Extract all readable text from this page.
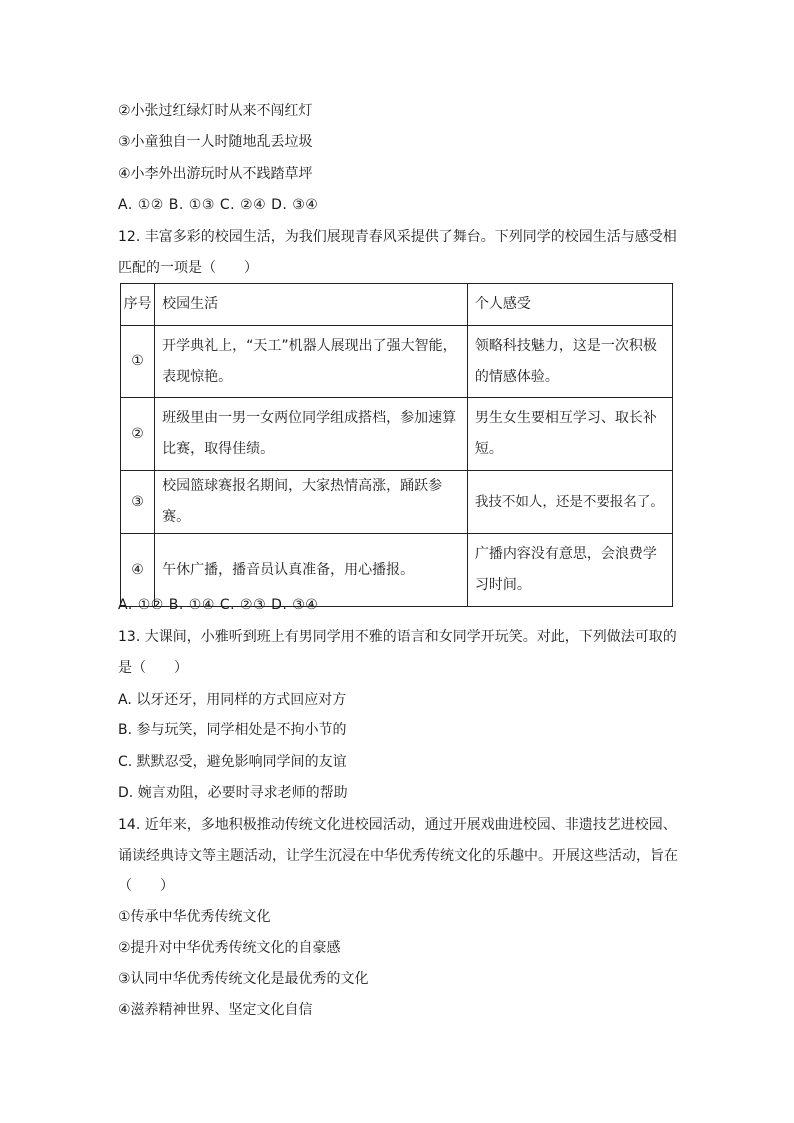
②小张过红绿灯时从来不闯红灯
③小童独自一人时随地乱丢垃圾
④小李外出游玩时从不践踏草坪
A. ①② B. ①③ C. ②④ D. ③④
12. 丰富多彩的校园生活，为我们展现青春风采提供了舞台。下列同学的校园生活与感受相
匹配的一项是（　　）
序号	校园生活	个人感受
①	开学典礼上，“天工”机器人展现出了强大智能，表现惊艳。	领略科技魅力，这是一次积极的情感体验。
②	班级里由一男一女两位同学组成搭档，参加速算比赛，取得佳绩。	男生女生要相互学习、取长补短。
③	校园篮球赛报名期间，大家热情高涨，踊跃参赛。	我技不如人，还是不要报名了。
④	午休广播，播音员认真准备，用心播报。	广播内容没有意思，会浪费学习时间。
A. ①② B. ①④ C. ②③ D. ③④
13. 大课间，小雅听到班上有男同学用不雅的语言和女同学开玩笑。对此，下列做法可取的
是（　　）
A. 以牙还牙，用同样的方式回应对方
B. 参与玩笑，同学相处是不拘小节的
C. 默默忍受，避免影响同学间的友谊
D. 婉言劝阻，必要时寻求老师的帮助
14. 近年来，多地积极推动传统文化进校园活动，通过开展戏曲进校园、非遗技艺进校园、
诵读经典诗文等主题活动，让学生沉浸在中华优秀传统文化的乐趣中。开展这些活动，旨在
（　　）
①传承中华优秀传统文化
②提升对中华优秀传统文化的自豪感
③认同中华优秀传统文化是最优秀的文化
④滋养精神世界、坚定文化自信
